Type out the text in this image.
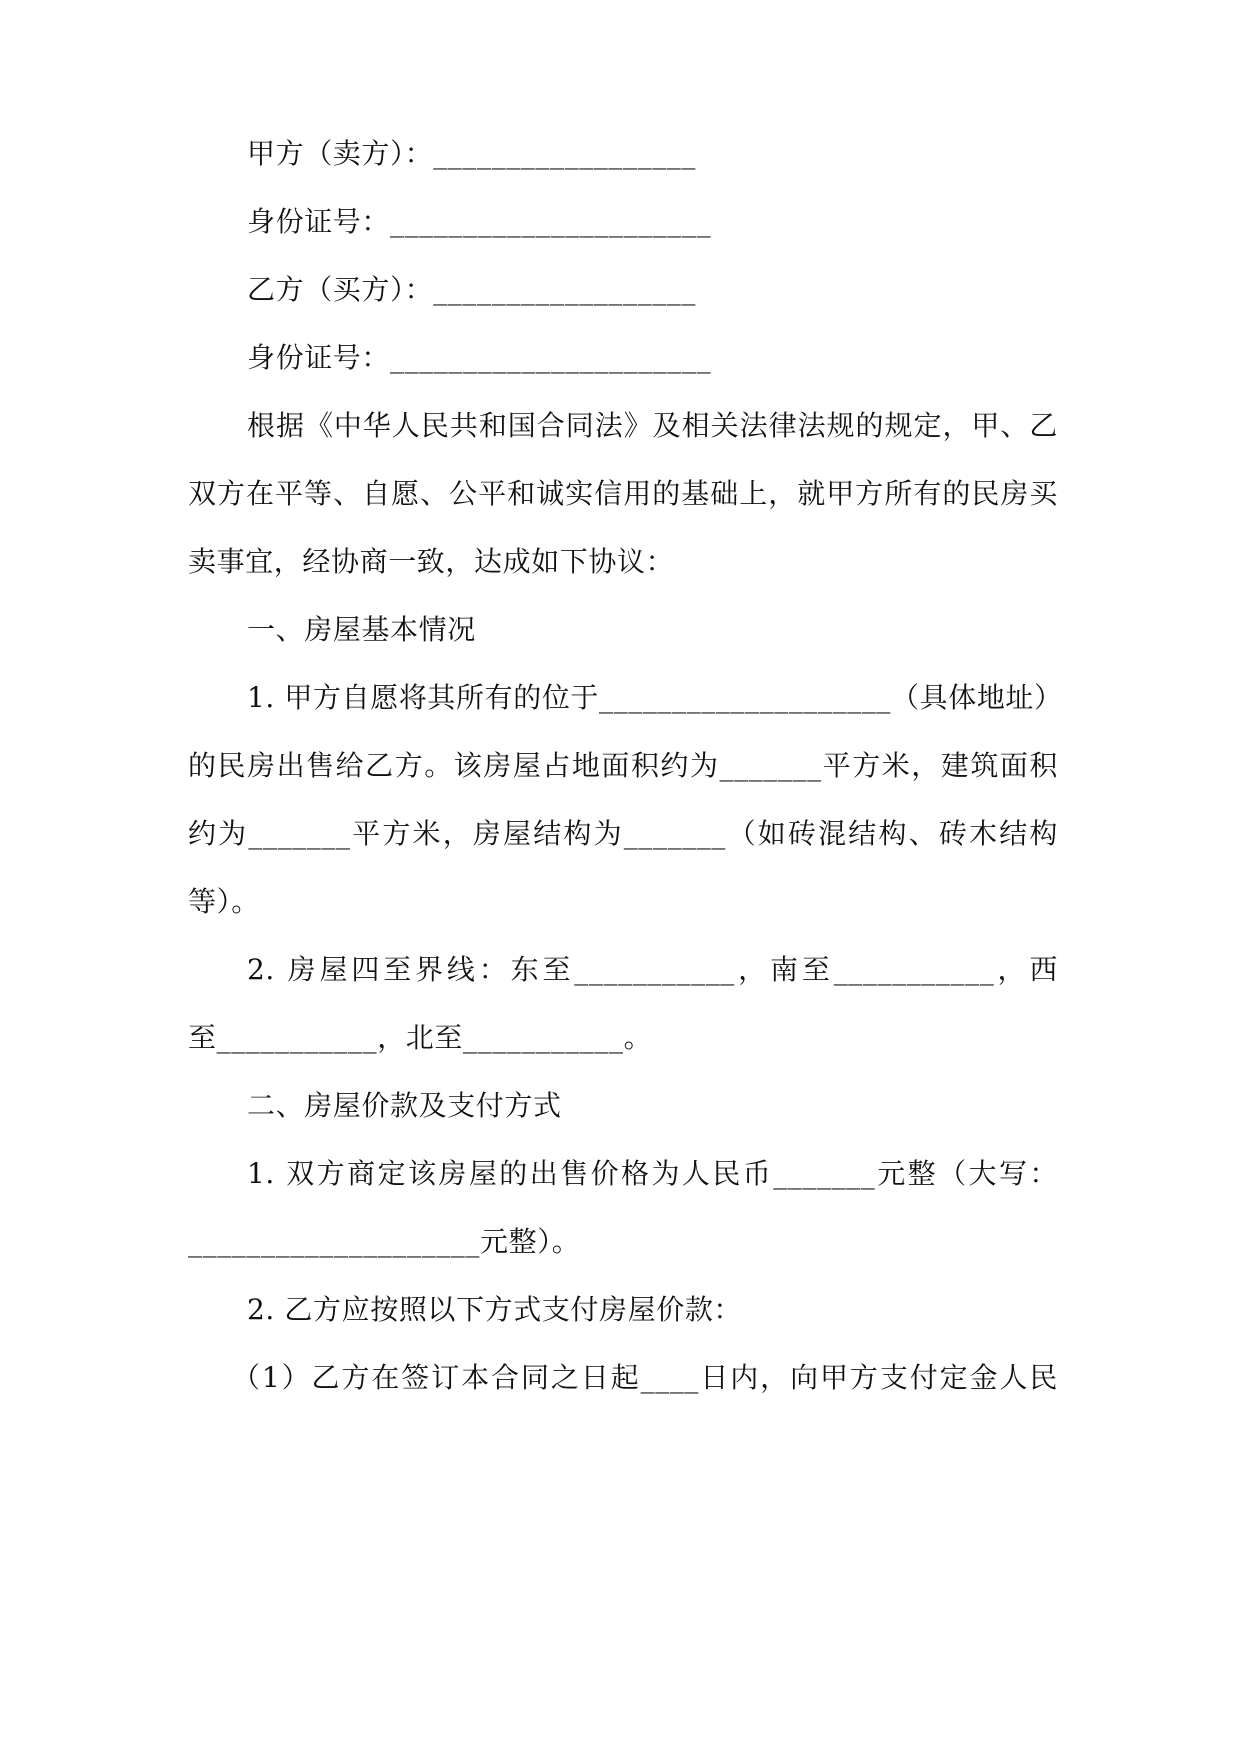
甲方（卖方）：__________________
身份证号：______________________
乙方（买方）：__________________
身份证号：______________________
根据《中华人民共和国合同法》及相关法律法规的规定，甲、乙
双方在平等、自愿、公平和诚实信用的基础上，就甲方所有的民房买
卖事宜，经协商一致，达成如下协议：
一、房屋基本情况
1. 甲方自愿将其所有的位于____________________（具体地址）
的民房出售给乙方。该房屋占地面积约为_______平方米，建筑面积
约为_______平方米，房屋结构为_______（如砖混结构、砖木结构
等）。
2. 房屋四至界线：东至___________，南至___________，西
至___________，北至___________。
二、房屋价款及支付方式
1. 双方商定该房屋的出售价格为人民币_______元整（大写：
____________________元整）。
2. 乙方应按照以下方式支付房屋价款：
（1）乙方在签订本合同之日起____日内，向甲方支付定金人民
